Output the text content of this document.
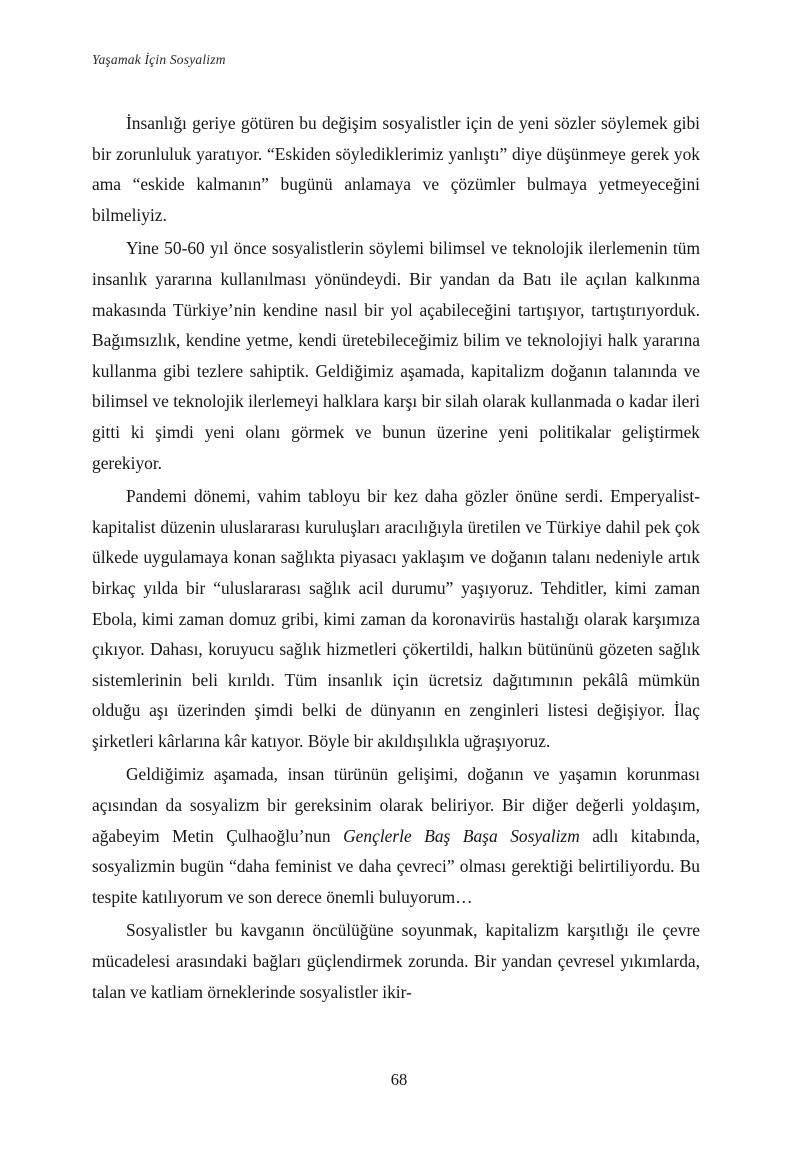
Yaşamak İçin Sosyalizm

İnsanlığı geriye götüren bu değişim sosyalistler için de yeni sözler söylemek gibi bir zorunluluk yaratıyor. “Eskiden söylediklerimiz yanlıştı” diye düşünmeye gerek yok ama “eskide kalmanın” bugünü anlamaya ve çözümler bulmaya yetmeyeceğini bilmeliyiz.

Yine 50-60 yıl önce sosyalistlerin söylemi bilimsel ve teknolojik ilerlemenin tüm insanlık yararına kullanılması yönündeydi. Bir yandan da Batı ile açılan kalkınma makasında Türkiye’nin kendine nasıl bir yol açabileceğini tartışıyor, tartıştırıyorduk. Bağımsızlık, kendine yetme, kendi üretebileceğimiz bilim ve teknolojiyi halk yararına kullanma gibi tezlere sahiptik. Geldiğimiz aşamada, kapitalizm doğanın talanında ve bilimsel ve teknolojik ilerlemeyi halklara karşı bir silah olarak kullanmada o kadar ileri gitti ki şimdi yeni olanı görmek ve bunun üzerine yeni politikalar geliştirmek gerekiyor.

Pandemi dönemi, vahim tabloyu bir kez daha gözler önüne serdi. Emperyalist-kapitalist düzenin uluslararası kuruluşları aracılığıyla üretilen ve Türkiye dahil pek çok ülkede uygulamaya konan sağlıkta piyasacı yaklaşım ve doğanın talanı nedeniyle artık birkaç yılda bir “uluslararası sağlık acil durumu” yaşıyoruz. Tehditler, kimi zaman Ebola, kimi zaman domuz gribi, kimi zaman da koronavirüs hastalığı olarak karşımıza çıkıyor. Dahası, koruyucu sağlık hizmetleri çökertildi, halkın bütününü gözeten sağlık sistemlerinin beli kırıldı. Tüm insanlık için ücretsiz dağıtımının pekâlâ mümkün olduğu aşı üzerinden şimdi belki de dünyanın en zenginleri listesi değişiyor. İlaç şirketleri kârlarına kâr katıyor. Böyle bir akıldışılıkla uğraşıyoruz.

Geldiğimiz aşamada, insan türünün gelişimi, doğanın ve yaşamın korunması açısından da sosyalizm bir gereksinim olarak beliriyor. Bir diğer değerli yoldaşım, ağabeyim Metin Çulhaoğlu’nun Gençlerle Baş Başa Sosyalizm adlı kitabında, sosyalizmin bugün “daha feminist ve daha çevreci” olması gerektiği belirtiliyordu. Bu tespite katılıyorum ve son derece önemli buluyorum…

Sosyalistler bu kavganın öncülüğüne soyunmak, kapitalizm karşıtlığı ile çevre mücadelesi arasındaki bağları güçlendirmek zorunda. Bir yandan çevresel yıkımlarda, talan ve katliam örneklerinde sosyalistler ikir-

68
